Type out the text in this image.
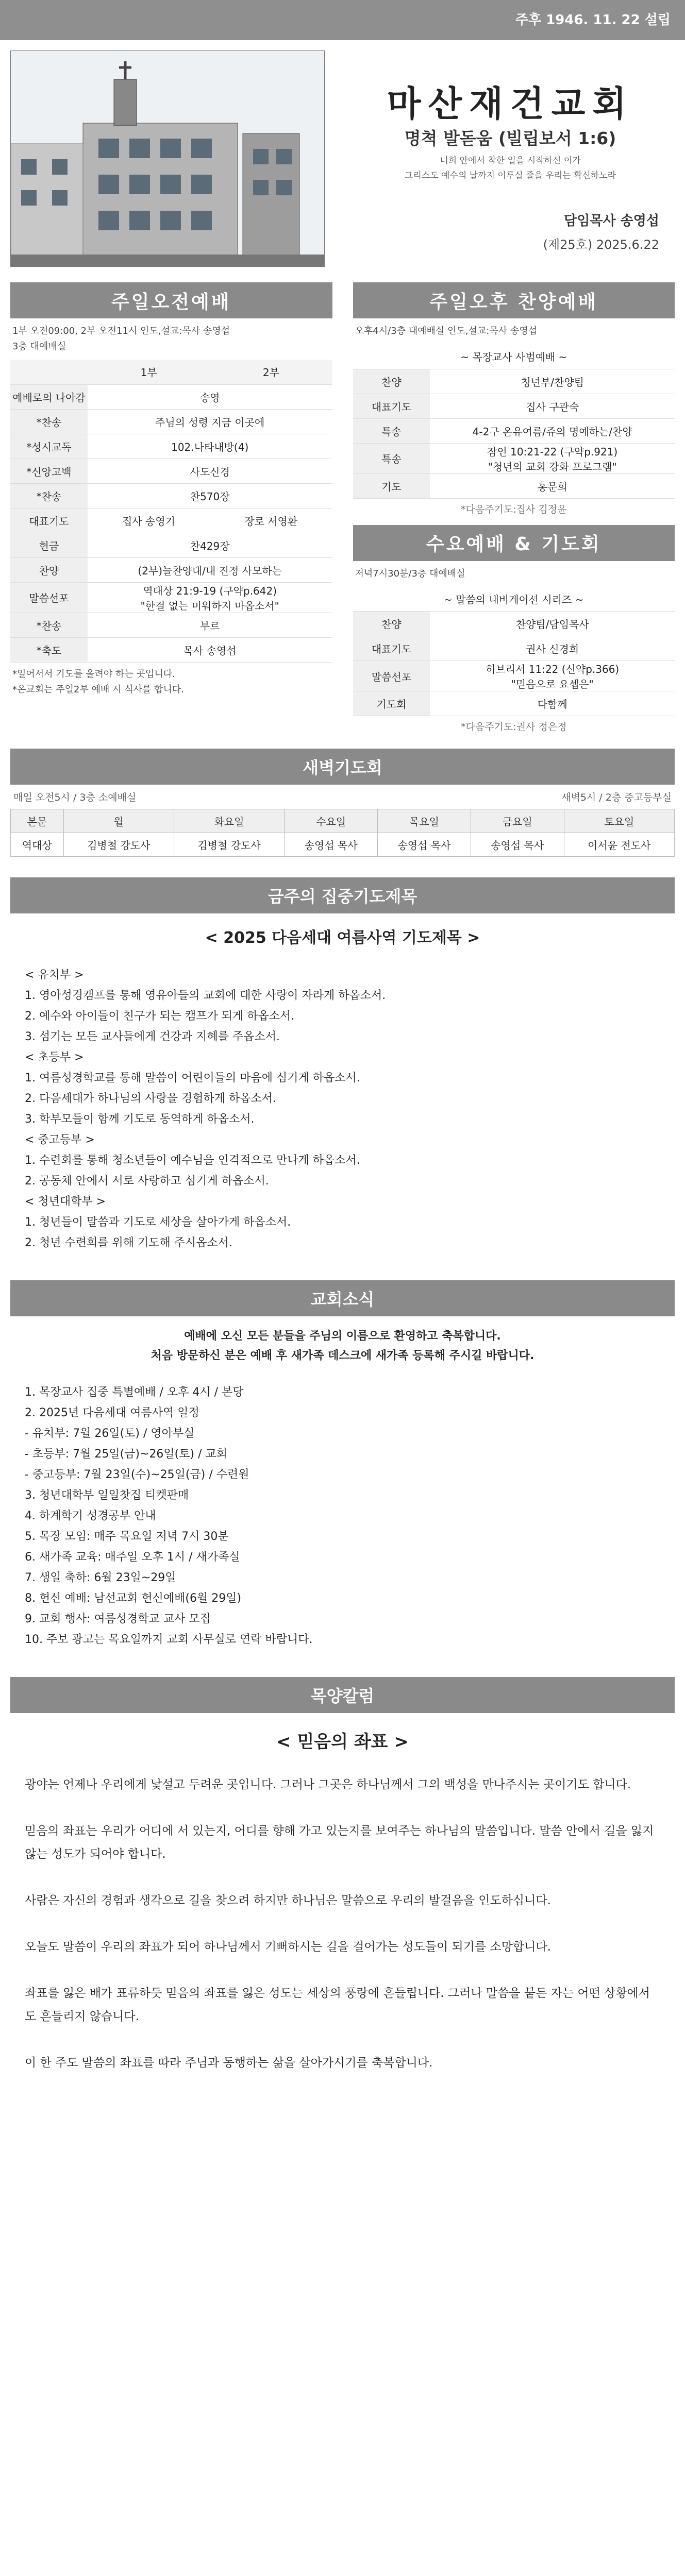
주후 1946. 11. 22 설립
마산재건교회
명쳑 발돋움 (빌립보서 1:6)
너희 안에서 착한 일을 시작하신 이가
그리스도 예수의 날까지 이루실 줄을 우리는 확신하노라
담임목사 송영섭
(제25호) 2025.6.22
주일오전예배
1부 오전09:00, 2부 오전11시 인도,설교:목사 송영섭
3층 대예배실
	1부	2부
예배로의 나아감	송영	
*찬송	주님의 성령 지금 이곳에	
*성시교독	102.나타내방(4)	
*신앙고백	사도신경	
*찬송	찬570장	
대표기도	집사 송영기	장로 서영환
헌금	찬429장	
찬양	(2부)늘찬양대/내 진정 사모하는	
말씀선포	역대상 21:9-19 (구약p.642)
"한결 없는 미워하지 마옵소서"	
*찬송	부르	
*축도	목사 송영섭	
*일어서서 기도를 올려야 하는 곳입니다.
*온교회는 주일2부 예배 시 식사를 합니다.
주일오후 찬양예배
오후4시/3층 대예배실 인도,설교:목사 송영섭
~ 목장교사 사범예배 ~	
찬양	청년부/찬양팀
대표기도	집사 구관숙
특송	4-2구 온유여름/쥬의 명예하는/찬양
특송	잠언 10:21-22 (구약p.921)
"청년의 교회 강화 프로그램"
기도	홍문희
*다음주기도:집사 김정윤
수요예배 & 기도회
저녁7시30분/3층 대예배실
~ 말씀의 내비게이션 시리즈 ~	
찬양	찬양팀/담임목사
대표기도	권사 신경희
말씀선포	히브리서 11:22 (신약p.366)
"믿음으로 요셉은"
기도회	다함께
*다음주기도:권사 정은정
새벽기도회
매일 오전5시 / 3층 소예배실	새벽5시 / 2층 중고등부실
본문	월	화요일	수요일	목요일	금요일	토요일
역대상	김병철 강도사	김병철 강도사	송영섭 목사	송영섭 목사	송영섭 목사	이서윤 전도사
금주의 집중기도제목
< 2025 다음세대 여름사역 기도제목 >
< 유치부 >
1. 영아성경캠프를 통해 영유아들의 교회에 대한 사랑이 자라게 하옵소서.
2. 예수와 아이들이 친구가 되는 캠프가 되게 하옵소서.
3. 섬기는 모든 교사들에게 건강과 지혜를 주옵소서.
< 초등부 >
1. 여름성경학교를 통해 말씀이 어린이들의 마음에 심기게 하옵소서.
2. 다음세대가 하나님의 사랑을 경험하게 하옵소서.
3. 학부모들이 함께 기도로 동역하게 하옵소서.
< 중고등부 >
1. 수련회를 통해 청소년들이 예수님을 인격적으로 만나게 하옵소서.
2. 공동체 안에서 서로 사랑하고 섬기게 하옵소서.
< 청년대학부 >
1. 청년들이 말씀과 기도로 세상을 살아가게 하옵소서.
2. 청년 수련회를 위해 기도해 주시옵소서.
교회소식
예배에 오신 모든 분들을 주님의 이름으로 환영하고 축복합니다.
처음 방문하신 분은 예배 후 새가족 데스크에 새가족 등록해 주시길 바랍니다.
1. 목장교사 집중 특별예배 / 오후 4시 / 본당
2. 2025년 다음세대 여름사역 일정
- 유치부: 7월 26일(토) / 영아부실
- 초등부: 7월 25일(금)~26일(토) / 교회
- 중고등부: 7월 23일(수)~25일(금) / 수련원
3. 청년대학부 일일찻집 티켓판매
4. 하계학기 성경공부 안내
5. 목장 모임: 매주 목요일 저녁 7시 30분
6. 새가족 교육: 매주일 오후 1시 / 새가족실
7. 생일 축하: 6월 23일~29일
8. 헌신 예배: 남선교회 헌신예배(6월 29일)
9. 교회 행사: 여름성경학교 교사 모집
10. 주보 광고는 목요일까지 교회 사무실로 연락 바랍니다.
목양칼럼
< 믿음의 좌표 >
광야는 언제나 우리에게 낯설고 두려운 곳입니다. 그러나 그곳은 하나님께서 그의 백성을 만나주시는 곳이기도 합니다.

믿음의 좌표는 우리가 어디에 서 있는지, 어디를 향해 가고 있는지를 보여주는 하나님의 말씀입니다. 말씀 안에서 길을 잃지 않는 성도가 되어야 합니다.

사람은 자신의 경험과 생각으로 길을 찾으려 하지만 하나님은 말씀으로 우리의 발걸음을 인도하십니다.

오늘도 말씀이 우리의 좌표가 되어 하나님께서 기뻐하시는 길을 걸어가는 성도들이 되기를 소망합니다.

좌표를 잃은 배가 표류하듯 믿음의 좌표를 잃은 성도는 세상의 풍랑에 흔들립니다. 그러나 말씀을 붙든 자는 어떤 상황에서도 흔들리지 않습니다.

이 한 주도 말씀의 좌표를 따라 주님과 동행하는 삶을 살아가시기를 축복합니다.
